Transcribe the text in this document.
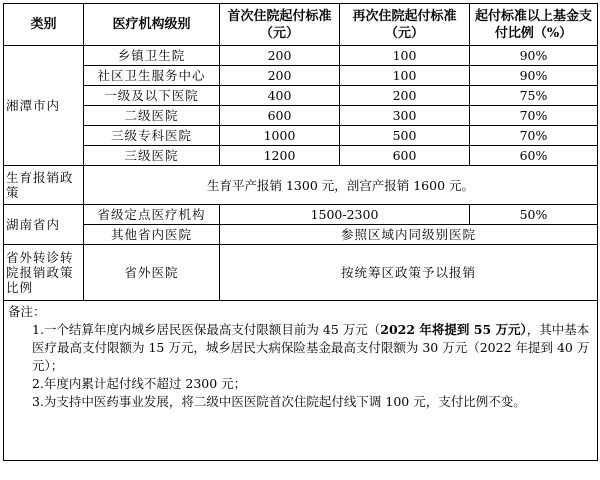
类别	医疗机构级别	首次住院起付标准（元）	再次住院起付标准（元）	起付标准以上基金支付比例（%）
湘潭市内	乡镇卫生院	200	100	90%
	社区卫生服务中心	200	100	90%
	一级及以下医院	400	200	75%
	二级医院	600	300	70%
	三级专科医院	1000	500	70%
	三级医院	1200	600	60%
生育报销政策	生育平产报销 1300 元，剖宫产报销 1600 元。			
湖南省内	省级定点医疗机构	1500-2300		50%
	其他省内医院	参照区域内同级别医院		
省外转诊转院报销政策比例	省外医院	按统筹区政策予以报销		

备注：

1.一个结算年度内城乡居民医保最高支付限额目前为 45 万元（2022 年将提到 55 万元），其中基本医疗最高支付限额为 15 万元，城乡居民大病保险基金最高支付限额为 30 万元（2022 年提到 40 万元）；

2.年度内累计起付线不超过 2300 元；

3.为支持中医药事业发展，将二级中医医院首次住院起付线下调 100 元，支付比例不变。				
